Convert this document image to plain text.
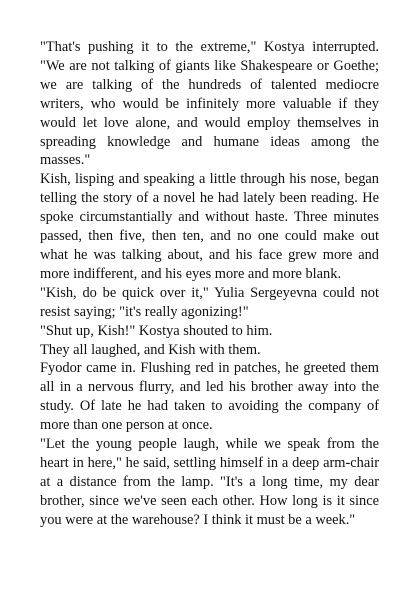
"That's pushing it to the extreme," Kostya interrupted. "We are not talking of giants like Shakespeare or Goethe; we are talking of the hundreds of talented mediocre writers, who would be infinitely more valuable if they would let love alone, and would employ themselves in spreading knowledge and humane ideas among the masses."

Kish, lisping and speaking a little through his nose, began telling the story of a novel he had lately been reading. He spoke circumstantially and without haste. Three minutes passed, then five, then ten, and no one could make out what he was talking about, and his face grew more and more indifferent, and his eyes more and more blank.

"Kish, do be quick over it," Yulia Sergeyevna could not resist saying; "it's really agonizing!"

"Shut up, Kish!" Kostya shouted to him.

They all laughed, and Kish with them.

Fyodor came in. Flushing red in patches, he greeted them all in a nervous flurry, and led his brother away into the study. Of late he had taken to avoiding the company of more than one person at once.

"Let the young people laugh, while we speak from the heart in here," he said, settling himself in a deep arm-chair at a distance from the lamp. "It's a long time, my dear brother, since we've seen each other. How long is it since you were at the warehouse? I think it must be a week."
